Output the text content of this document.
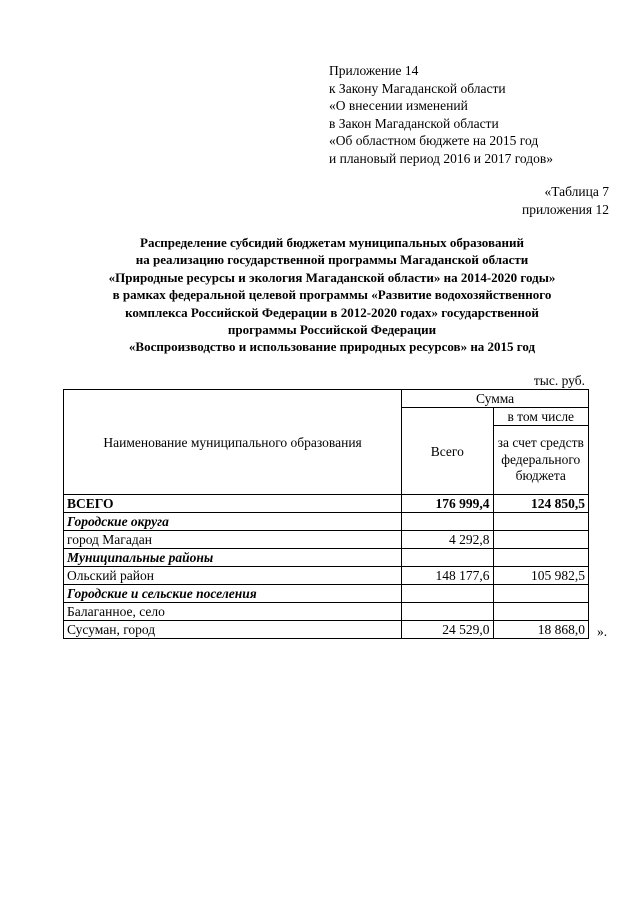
Приложение 14
к Закону Магаданской области
«О внесении изменений
в Закон Магаданской области
«Об областном бюджете на 2015 год
и плановый период 2016 и 2017 годов»
«Таблица 7
приложения 12
Распределение субсидий бюджетам муниципальных образований
на реализацию государственной программы Магаданской области
«Природные ресурсы и экология Магаданской области» на 2014-2020 годы»
в рамках федеральной целевой программы «Развитие водохозяйственного
комплекса Российской Федерации в 2012-2020 годах» государственной
программы Российской Федерации
«Воспроизводство и использование природных ресурсов» на 2015 год
тыс. руб.
Наименование муниципального образования	Сумма	
	Всего	в том числе
		за счет средств федерального бюджета
ВСЕГО	176 999,4	124 850,5
Городские округа		
город Магадан	4 292,8	
Муниципальные районы		
Ольский район	148 177,6	105 982,5
Городские и сельские поселения		
Балаганное, село		
Сусуман, город	24 529,0	18 868,0 ».
